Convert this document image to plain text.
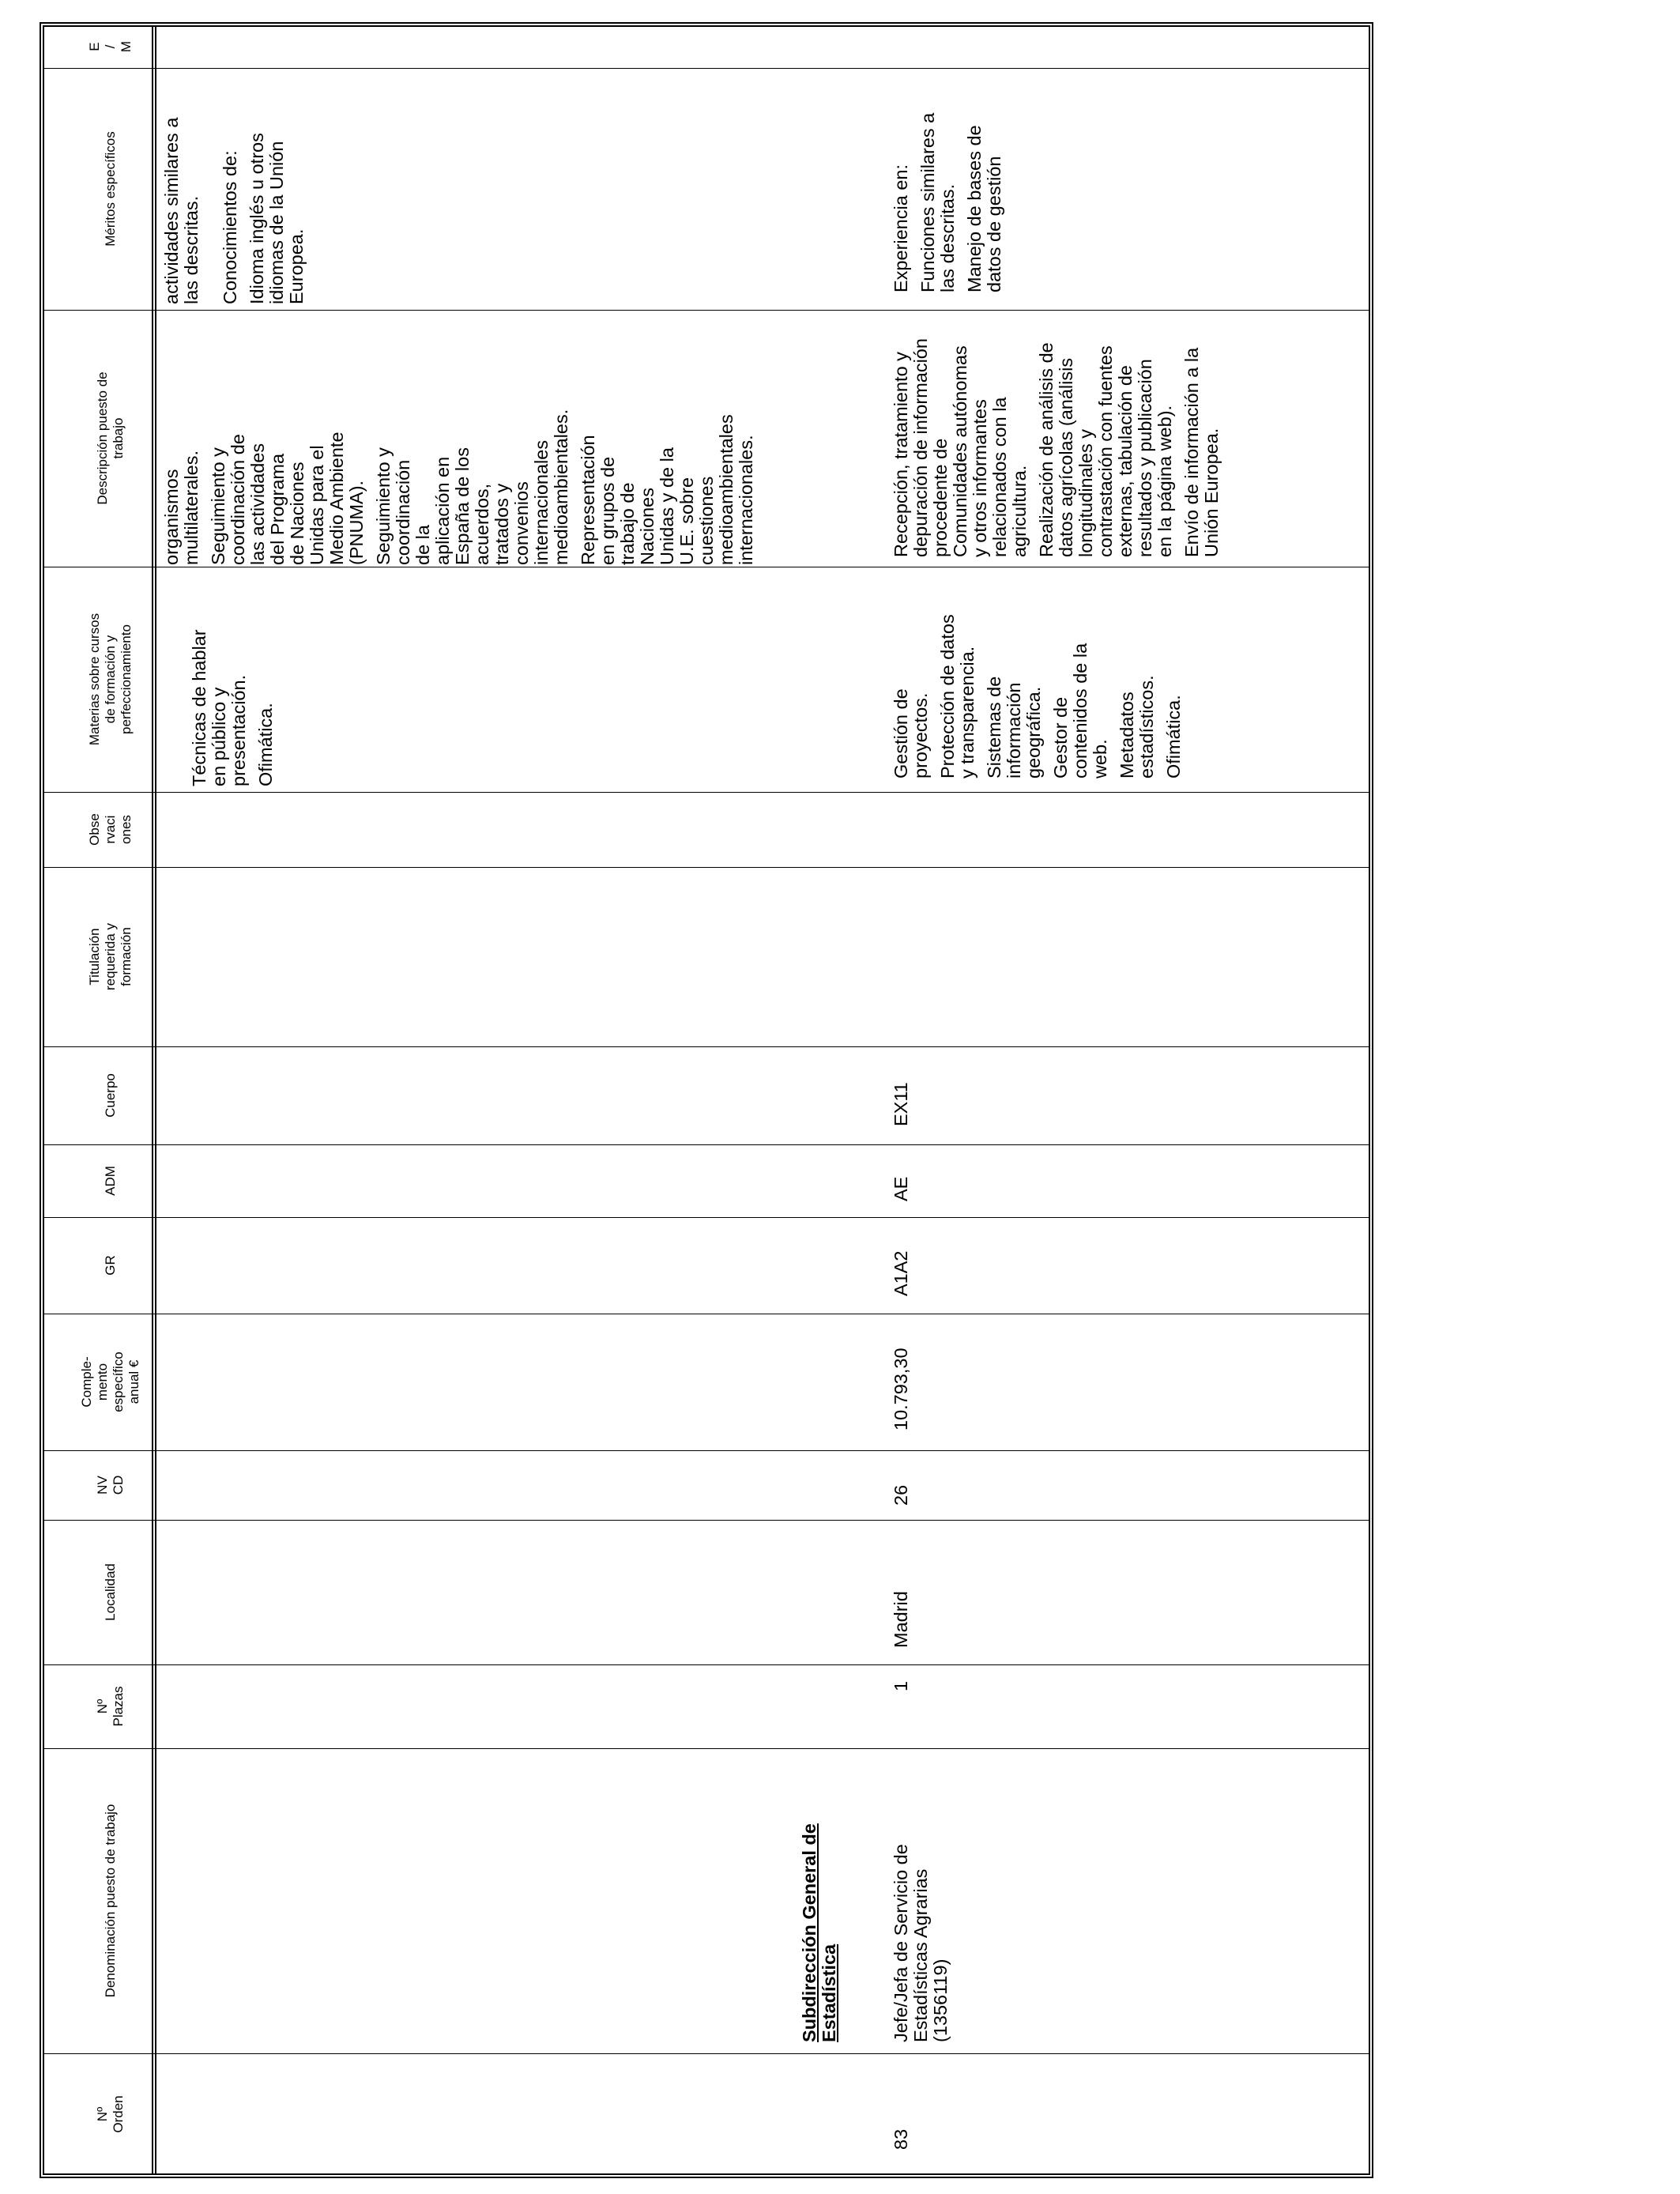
E
/
M
Méritos específicos
Descripción puesto de
trabajo
Materias sobre cursos
de formación y
perfeccionamiento
Obse
rvaci
ones
Titulación
requerida y
formación
Cuerpo
ADM
GR
Comple-
mento
específico
anual €
NV
CD
Localidad
Nº
Plazas
Denominación puesto de trabajo
Nº
Orden

actividades similares a las descritas. Conocimientos de: Idioma inglés u otros idiomas de la Unión Europea.

organismos multilaterales. Seguimiento y coordinación de las actividades del Programa de Naciones Unidas para el Medio Ambiente (PNUMA). Seguimiento y coordinación de la aplicación en España de los acuerdos, tratados y convenios internacionales medioambientales. Representación en grupos de trabajo de Naciones Unidas y de la U.E. sobre cuestiones medioambientales internacionales.

Técnicas de hablar en público y presentación. Ofimática.

Subdirección General de Estadística
83
Jefe/Jefa de Servicio de Estadísticas Agrarias
(1356119)
1
Madrid
26
10.793,30
A1A2
AE
EX11

Gestión de proyectos. Protección de datos y transparencia. Sistemas de información geográfica. Gestor de contenidos de la web. Metadatos estadísticos. Ofimática.

Recepción, tratamiento y depuración de información procedente de Comunidades autónomas y otros informantes relacionados con la agricultura. Realización de análisis de datos agrícolas (análisis longitudinales y contrastación con fuentes externas, tabulación de resultados y publicación en la página web). Envío de información a la Unión Europea.

Experiencia en: Funciones similares a las descritas. Manejo de bases de datos de gestión
